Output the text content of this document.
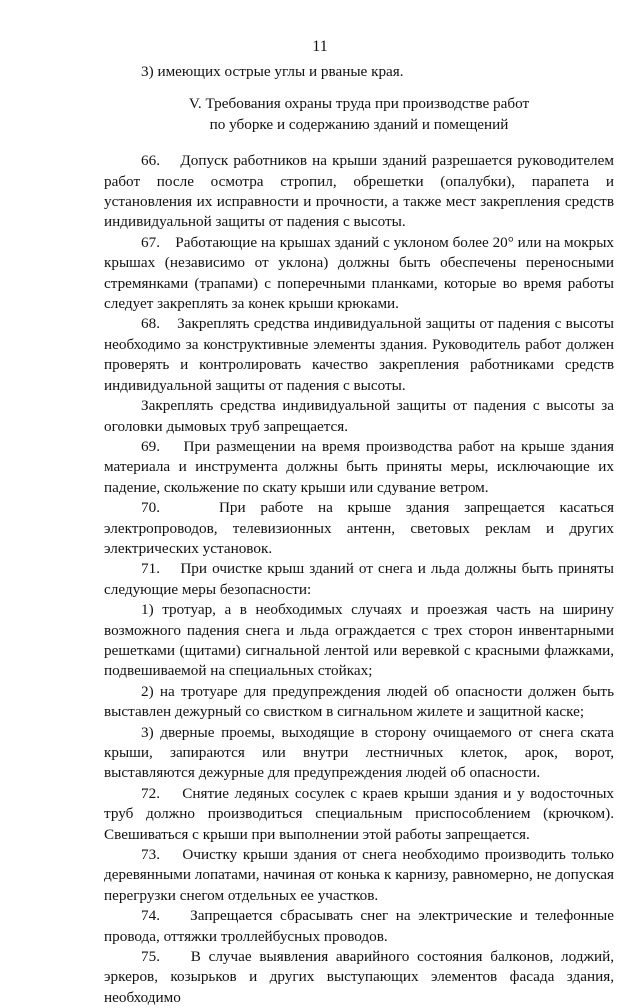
11

3) имеющих острые углы и рваные края.

V. Требования охраны труда при производстве работ
по уборке и содержанию зданий и помещений

66.    Допуск работников на крыши зданий разрешается руководителем работ после осмотра стропил, обрешетки (опалубки), парапета и установления их исправности и прочности, а также мест закрепления средств индивидуальной защиты от падения с высоты.

67.    Работающие на крышах зданий с уклоном более 20° или на мокрых крышах (независимо от уклона) должны быть обеспечены переносными стремянками (трапами) с поперечными планками, которые во время работы следует закреплять за конек крыши крюками.

68.    Закреплять средства индивидуальной защиты от падения с высоты необходимо за конструктивные элементы здания. Руководитель работ должен проверять и контролировать качество закрепления работниками средств индивидуальной защиты от падения с высоты.

Закреплять средства индивидуальной защиты от падения с высоты за оголовки дымовых труб запрещается.

69.    При размещении на время производства работ на крыше здания материала и инструмента должны быть приняты меры, исключающие их падение, скольжение по скату крыши или сдувание ветром.

70.    При работе на крыше здания запрещается касаться электропроводов, телевизионных антенн, световых реклам и других электрических установок.

71.    При очистке крыш зданий от снега и льда должны быть приняты следующие меры безопасности:

1) тротуар, а в необходимых случаях и проезжая часть на ширину возможного падения снега и льда ограждается с трех сторон инвентарными решетками (щитами) сигнальной лентой или веревкой с красными флажками, подвешиваемой на специальных стойках;

2) на тротуаре для предупреждения людей об опасности должен быть выставлен дежурный со свистком в сигнальном жилете и защитной каске;

3) дверные проемы, выходящие в сторону очищаемого от снега ската крыши, запираются или внутри лестничных клеток, арок, ворот, выставляются дежурные для предупреждения людей об опасности.

72.    Снятие ледяных сосулек с краев крыши здания и у водосточных труб должно производиться специальным приспособлением (крючком). Свешиваться с крыши при выполнении этой работы запрещается.

73.    Очистку крыши здания от снега необходимо производить только деревянными лопатами, начиная от конька к карнизу, равномерно, не допуская перегрузки снегом отдельных ее участков.

74.    Запрещается сбрасывать снег на электрические и телефонные провода, оттяжки троллейбусных проводов.

75.    В случае выявления аварийного состояния балконов, лоджий, эркеров, козырьков и других выступающих элементов фасада здания, необходимо
